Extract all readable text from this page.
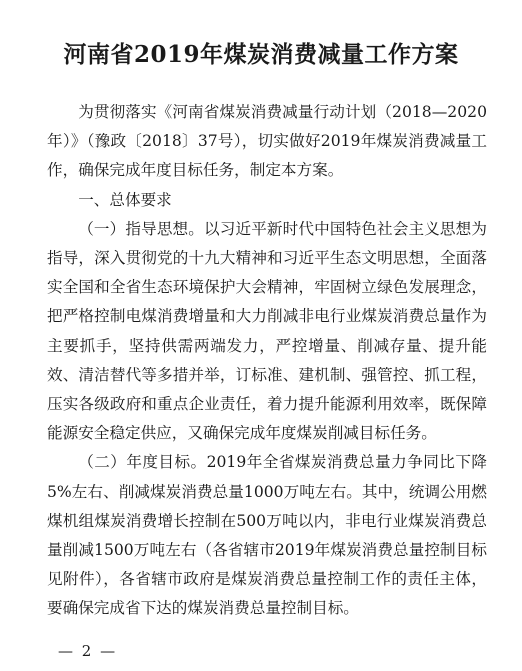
河南省2019年煤炭消费减量工作方案

为贯彻落实《河南省煤炭消费减量行动计划（2018—2020年）》（豫政〔2018〕37号），切实做好2019年煤炭消费减量工作，确保完成年度目标任务，制定本方案。

一、总体要求

（一）指导思想。以习近平新时代中国特色社会主义思想为指导，深入贯彻党的十九大精神和习近平生态文明思想，全面落实全国和全省生态环境保护大会精神，牢固树立绿色发展理念，把严格控制电煤消费增量和大力削减非电行业煤炭消费总量作为主要抓手，坚持供需两端发力，严控增量、削减存量、提升能效、清洁替代等多措并举，订标准、建机制、强管控、抓工程，压实各级政府和重点企业责任，着力提升能源利用效率，既保障能源安全稳定供应，又确保完成年度煤炭削减目标任务。

（二）年度目标。2019年全省煤炭消费总量力争同比下降5%左右、削减煤炭消费总量1000万吨左右。其中，统调公用燃煤机组煤炭消费增长控制在500万吨以内，非电行业煤炭消费总量削减1500万吨左右（各省辖市2019年煤炭消费总量控制目标见附件），各省辖市政府是煤炭消费总量控制工作的责任主体，要确保完成省下达的煤炭消费总量控制目标。

— 2 —
